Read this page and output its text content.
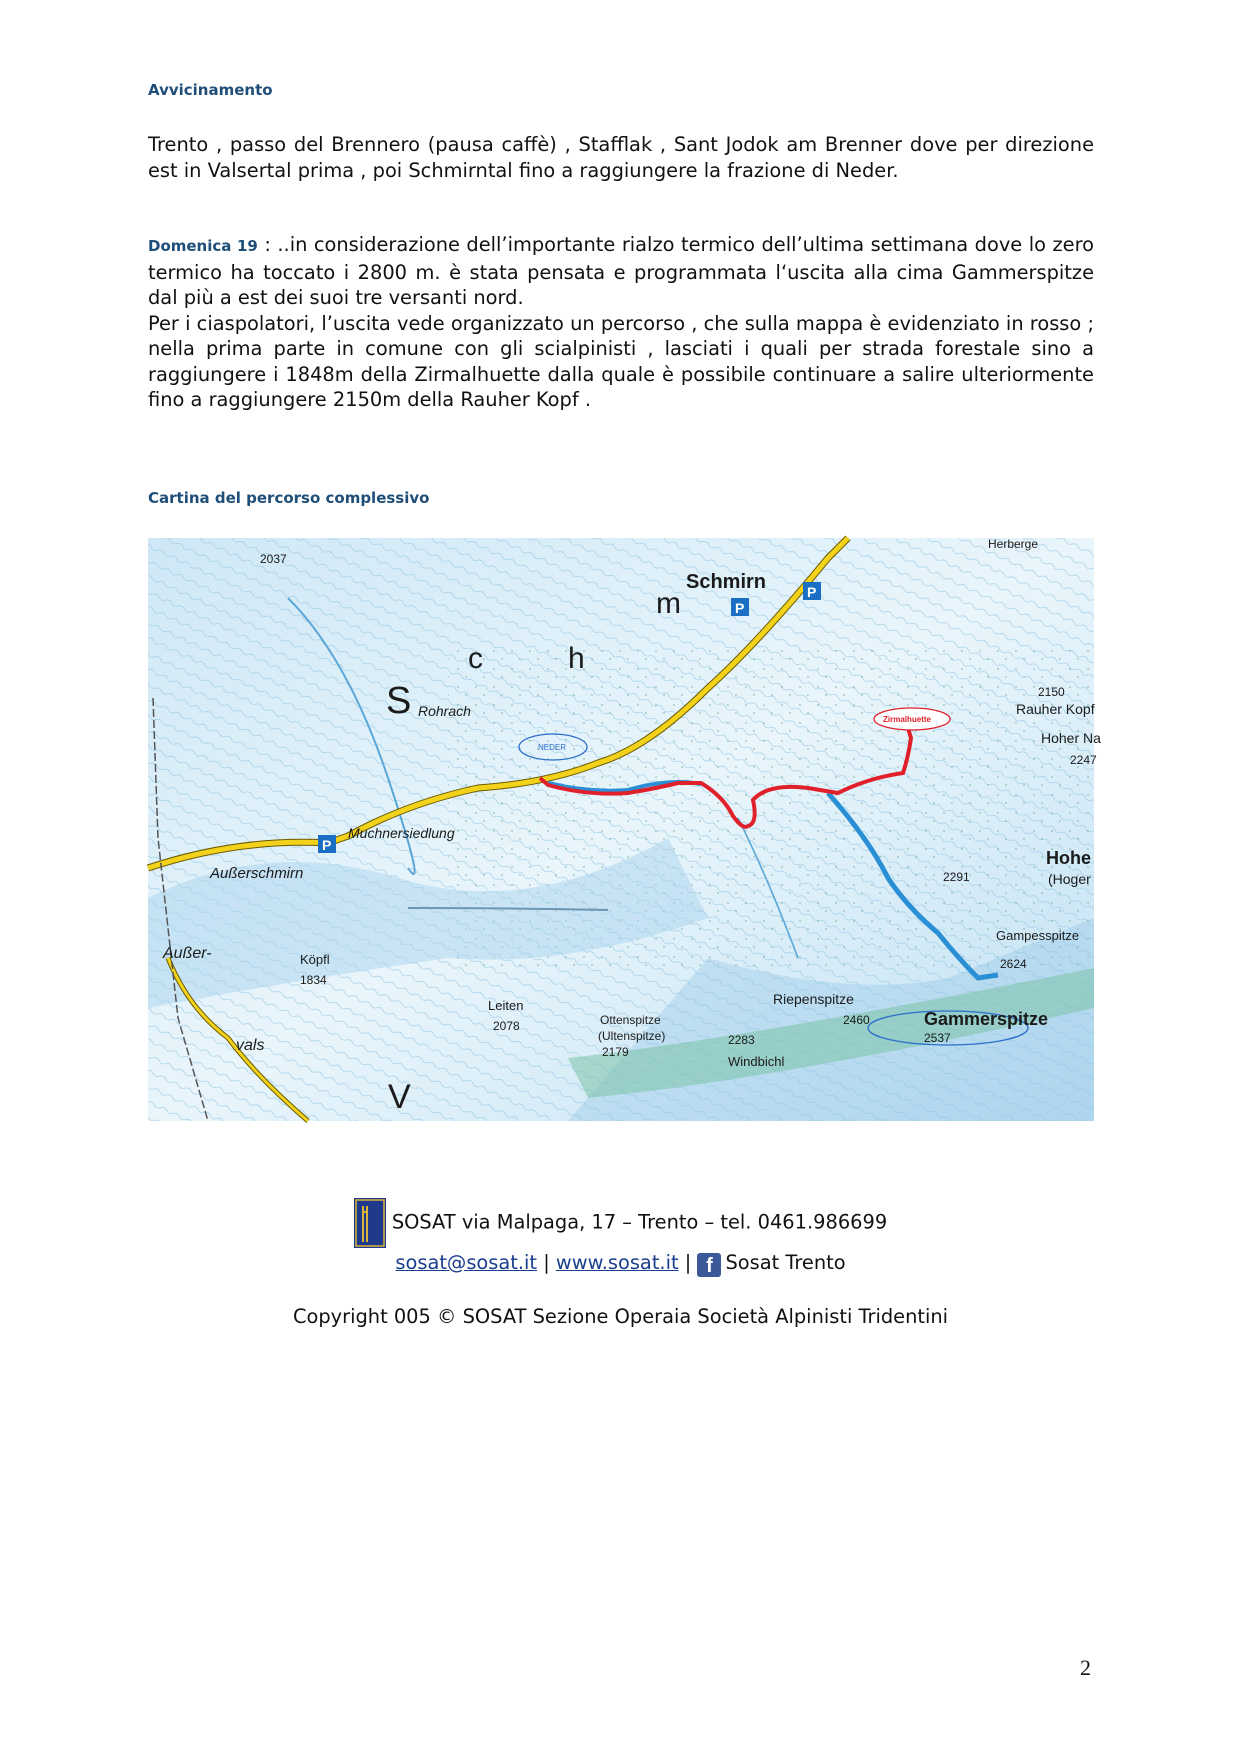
Avvicinamento

Trento , passo del Brennero (pausa caffè) , Stafflak , Sant Jodok am Brenner dove per direzione est in Valsertal prima , poi Schmirntal fino a raggiungere la frazione di Neder.

Domenica 19 : ..in considerazione dell’importante rialzo termico dell’ultima settimana dove lo zero termico ha toccato i 2800 m. è stata pensata e programmata l‘uscita alla cima Gammerspitze dal più a est dei suoi tre versanti nord.

Per i ciaspolatori, l’uscita vede organizzato un percorso , che sulla mappa è evidenziato in rosso ; nella prima parte in comune con gli scialpinisti , lasciati i quali per strada forestale sino a raggiungere i 1848m della Zirmalhuette dalla quale è possibile continuare a salire ulteriormente fino a raggiungere 2150m della Rauher Kopf .

Cartina del percorso complessivo
P
P
P
Schmirn
Herberge
Rohrach
NEDER
Zirmalhuette
2150
Rauher Kopf
Hoher Na
2247
Muchnersiedlung
Außerschmirn
Hohe
(Hoger
2291
Gampesspitze
2624
Außer-
vals
Köpfl
1834
Leiten
2078	Ottenspitze
(Ultenspitze)
2179
2283
Riepenspitze
2460	Gammerspitze
2537
Windbichl
2037
S
c	h
m
V
SOSAT via Malpaga, 17 – Trento – tel. 0461.986699
sosat@sosat.it | www.sosat.it | f Sosat Trento
Copyright 005 © SOSAT Sezione Operaia Società Alpinisti Tridentini
2
